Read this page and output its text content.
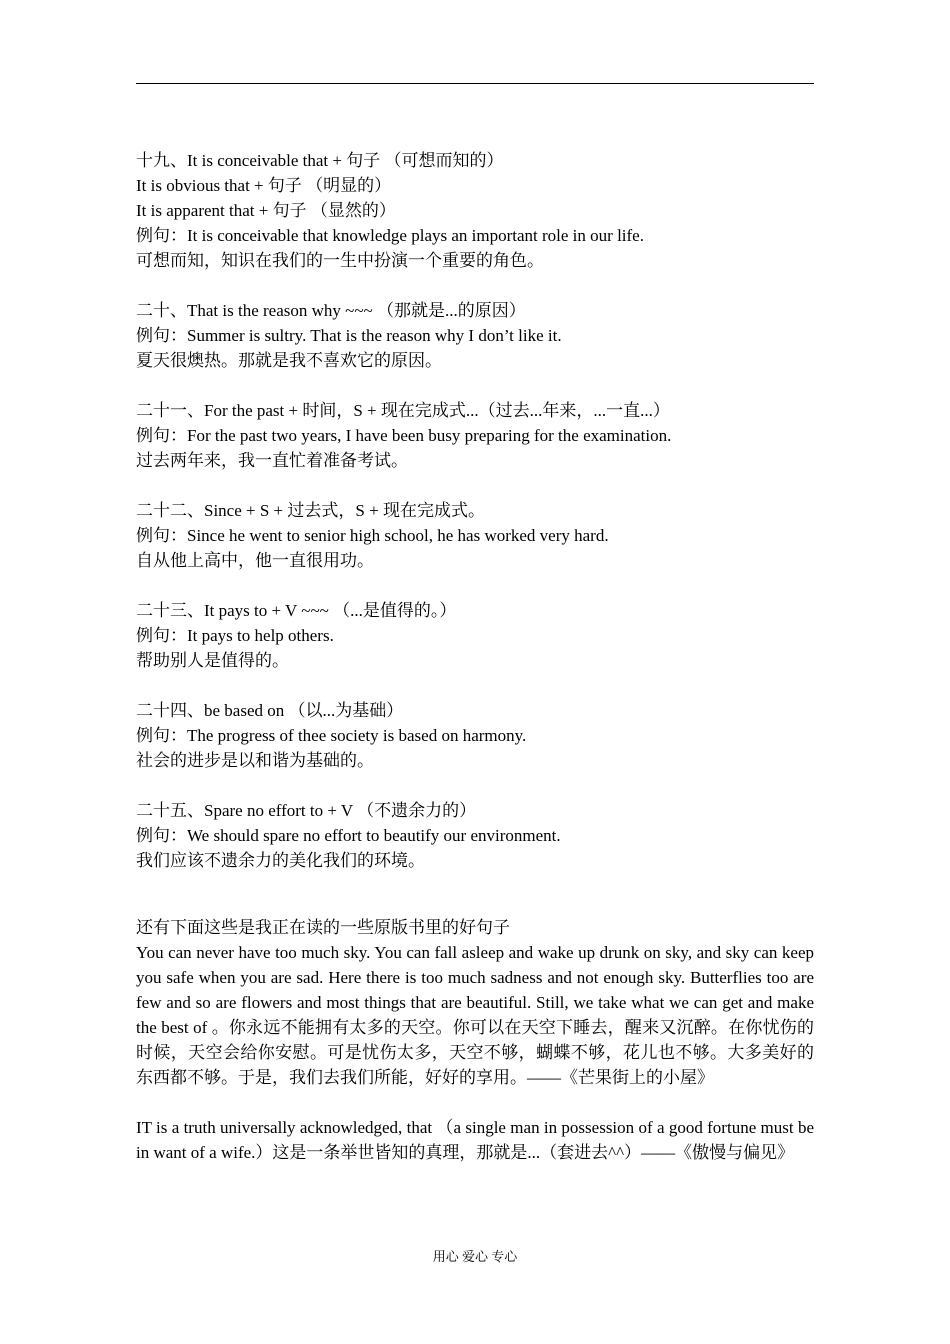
十九、It is conceivable that + 句子 （可想而知的）
It is obvious that + 句子 （明显的）
It is apparent that + 句子 （显然的）
例句：It is conceivable that knowledge plays an important role in our life.
可想而知，知识在我们的一生中扮演一个重要的角色。
二十、That is the reason why ~~~ （那就是...的原因）
例句：Summer is sultry. That is the reason why I don’t like it.
夏天很燠热。那就是我不喜欢它的原因。
二十一、For the past + 时间，S + 现在完成式...（过去...年来，...一直...）
例句：For the past two years, I have been busy preparing for the examination.
过去两年来，我一直忙着准备考试。
二十二、Since + S + 过去式，S + 现在完成式。
例句：Since he went to senior high school, he has worked very hard.
自从他上高中，他一直很用功。
二十三、It pays to + V ~~~ （...是值得的。）
例句：It pays to help others.
帮助别人是值得的。
二十四、be based on （以...为基础）
例句：The progress of thee society is based on harmony.
社会的进步是以和谐为基础的。
二十五、Spare no effort to + V （不遗余力的）
例句：We should spare no effort to beautify our environment.
我们应该不遗余力的美化我们的环境。
还有下面这些是我正在读的一些原版书里的好句子
You can never have too much sky. You can fall asleep and wake up drunk on sky, and sky can keep you safe when you are sad. Here there is too much sadness and not enough sky. Butterflies too are few and so are flowers and most things that are beautiful. Still, we take what we can get and make the best of 。你永远不能拥有太多的天空。你可以在天空下睡去，醒来又沉醉。在你忧伤的时候，天空会给你安慰。可是忧伤太多，天空不够，蝴蝶不够，花儿也不够。大多美好的东西都不够。于是，我们去我们所能，好好的享用。——《芒果街上的小屋》
IT is a truth universally acknowledged, that （a single man in possession of a good fortune must be in want of a wife.）这是一条举世皆知的真理，那就是...（套进去^^）——《傲慢与偏见》
用心 爱心 专心
